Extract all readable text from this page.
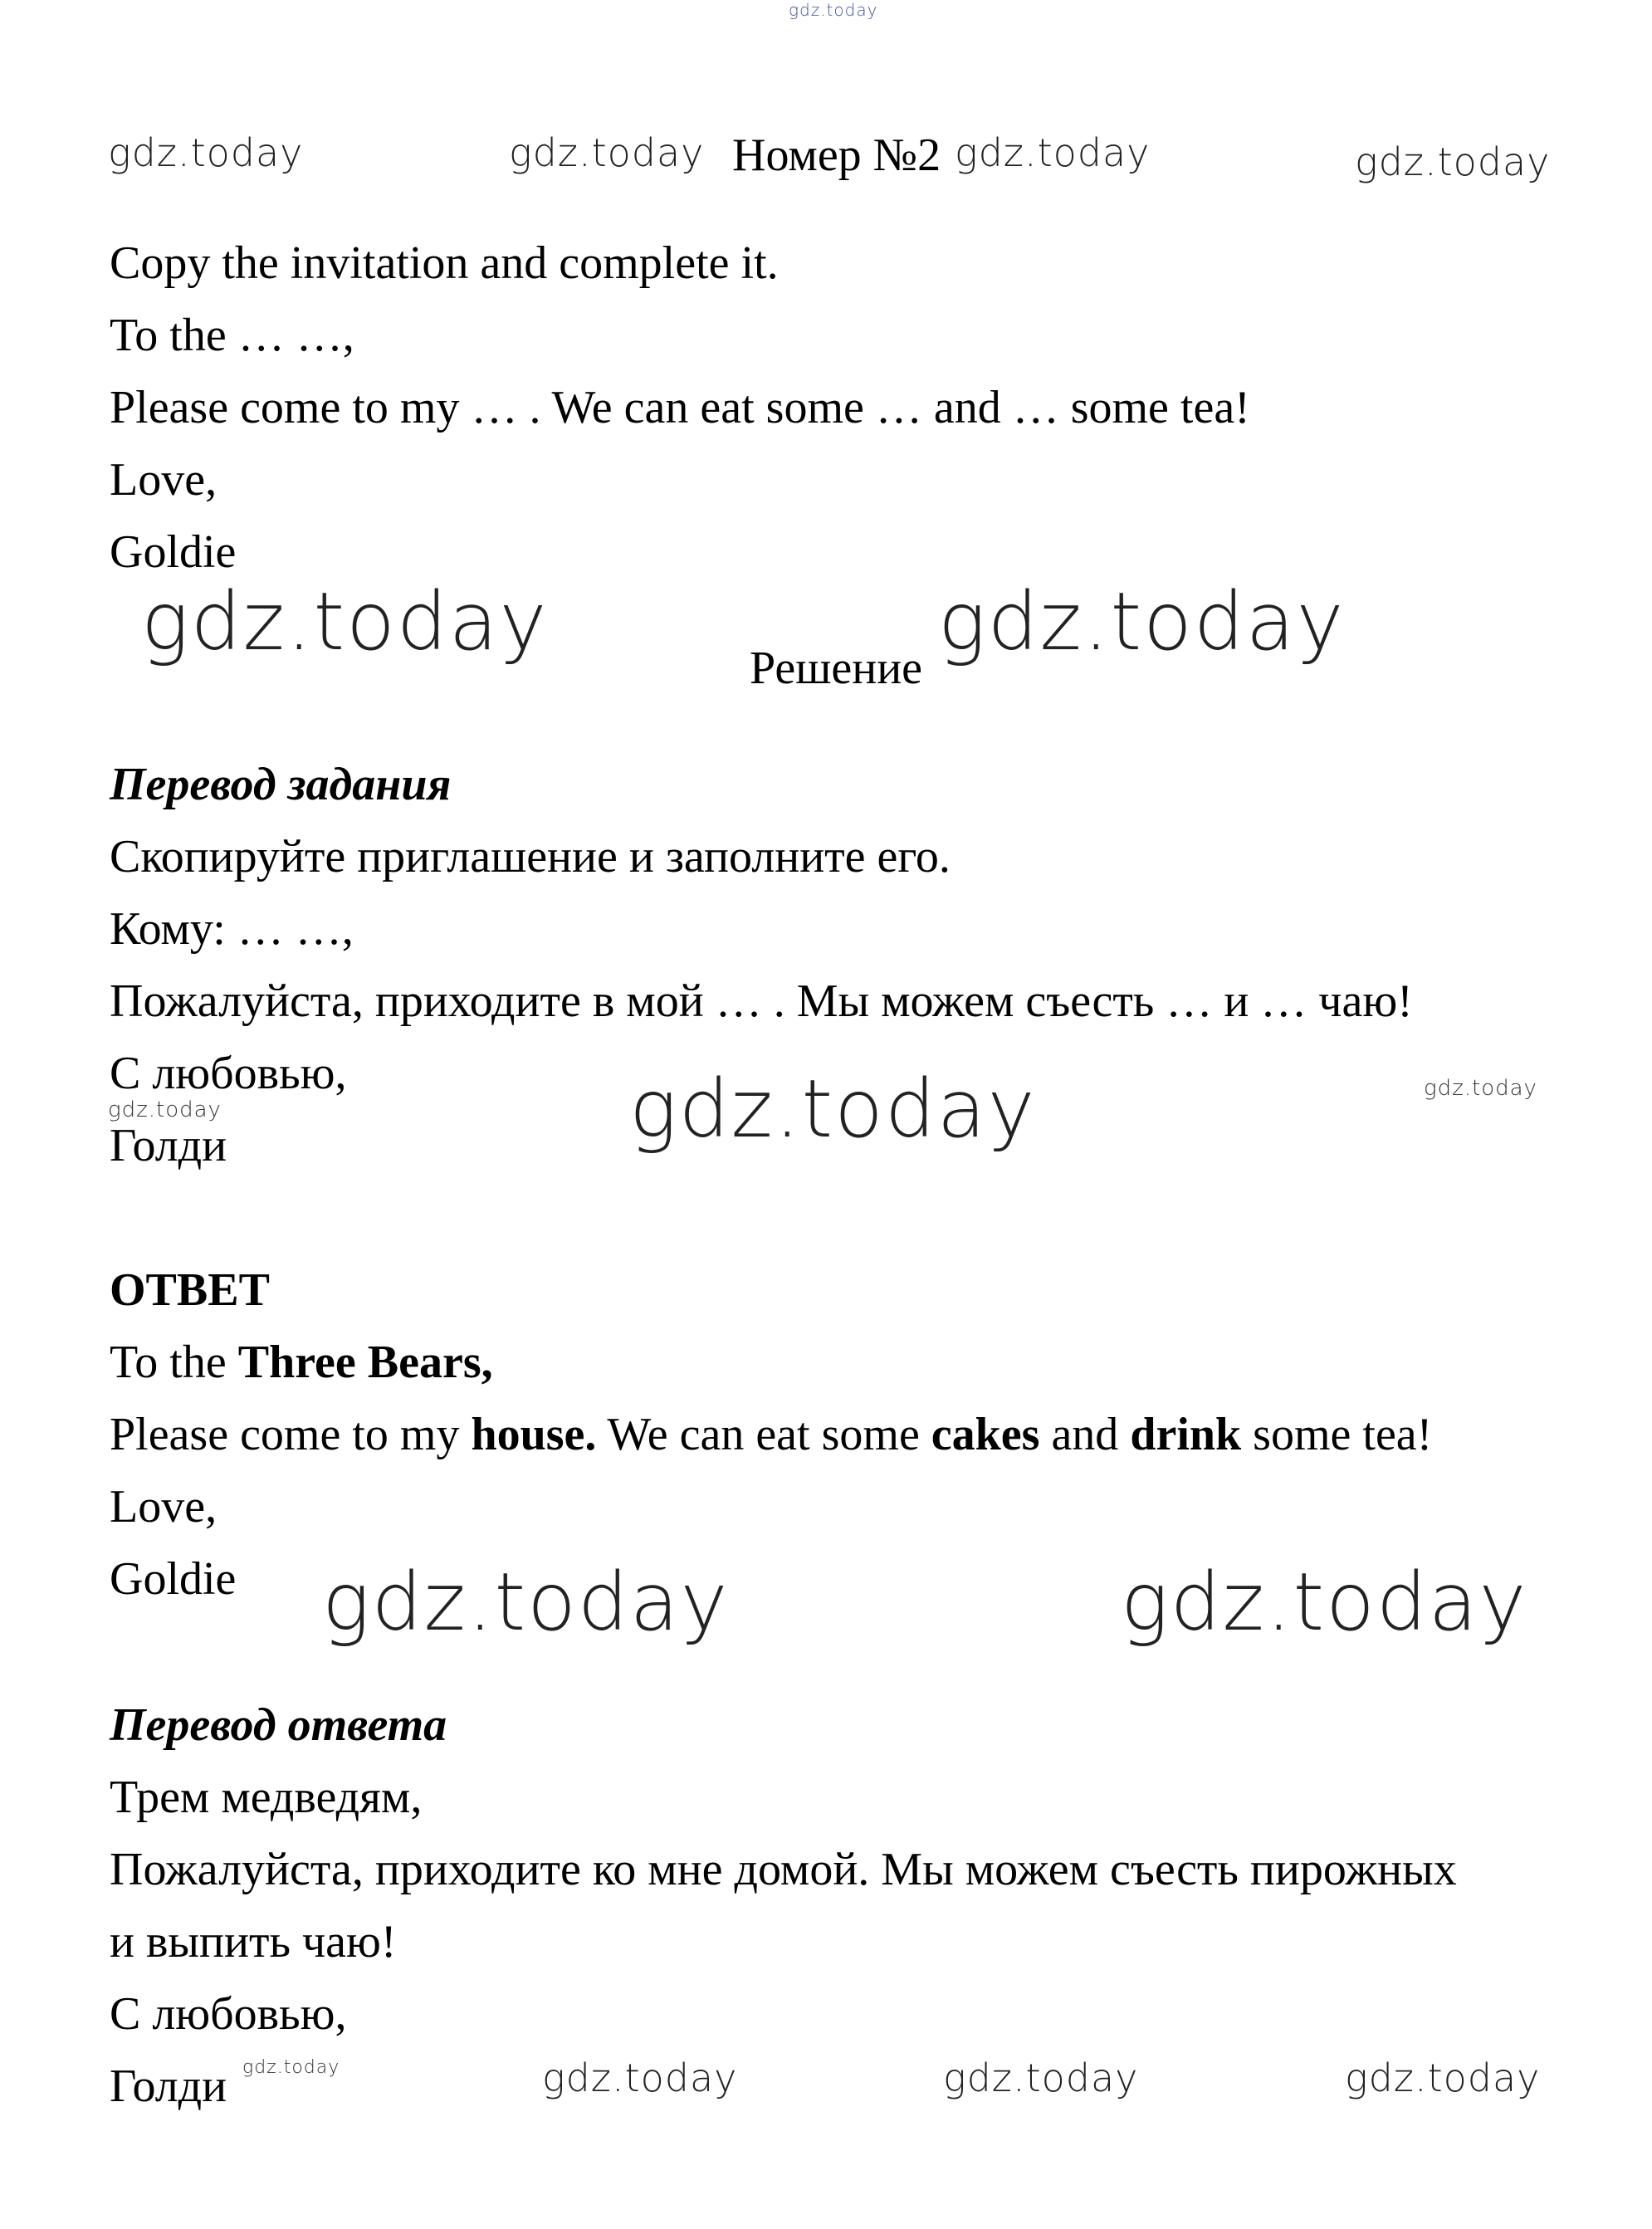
gdz.today
gdz.today	gdz.today Номер №2 gdz.today	gdz.today
Copy the invitation and complete it.
To the … …,
Please come to my … . We can eat some … and … some tea!
Love,
Goldie
gdz.today	Решение gdz.today
Перевод задания
Скопируйте приглашение и заполните его.
Кому: … …,
Пожалуйста, приходите в мой … . Мы можем съесть … и … чаю!
С любовью,
gdz.today
Голди	gdz.today	gdz.today
ОТВЕТ
To the Three Bears,
Please come to my house. We can eat some cakes and drink some tea!
Love,
Goldie gdz.today	gdz.today
Перевод ответа
Трем медведям,
Пожалуйста, приходите ко мне домой. Мы можем съесть пирожных
и выпить чаю!
С любовью,
Голди gdz.today	gdz.today	gdz.today	gdz.today
